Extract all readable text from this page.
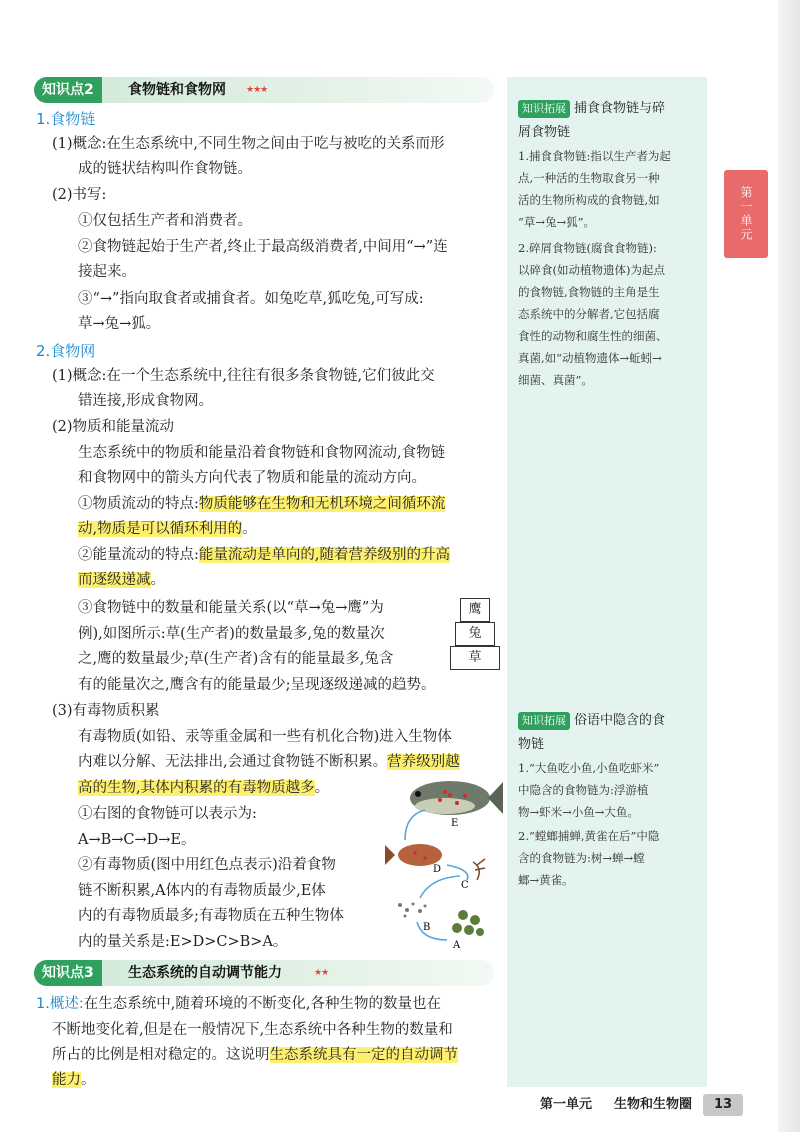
第一单元
知识点2	食物链和食物网 ★★★
1.食物链
(1)概念:在生态系统中,不同生物之间由于吃与被吃的关系而形
成的链状结构叫作食物链。
(2)书写:
①仅包括生产者和消费者。
②食物链起始于生产者,终止于最高级消费者,中间用“→”连
接起来。
③“→”指向取食者或捕食者。如兔吃草,狐吃兔,可写成:
草→兔→狐。
2.食物网
(1)概念:在一个生态系统中,往往有很多条食物链,它们彼此交
错连接,形成食物网。
(2)物质和能量流动
生态系统中的物质和能量沿着食物链和食物网流动,食物链
和食物网中的箭头方向代表了物质和能量的流动方向。
①物质流动的特点:物质能够在生物和无机环境之间循环流
动,物质是可以循环利用的。
②能量流动的特点:能量流动是单向的,随着营养级别的升高
而逐级递减。
③食物链中的数量和能量关系(以“草→兔→鹰”为
例),如图所示:草(生产者)的数量最多,兔的数量次
之,鹰的数量最少;草(生产者)含有的能量最多,兔含
有的能量次之,鹰含有的能量最少;呈现逐级递减的趋势。
鹰
兔
草
(3)有毒物质积累
有毒物质(如铅、汞等重金属和一些有机化合物)进入生物体
内难以分解、无法排出,会通过食物链不断积累。营养级别越
高的生物,其体内积累的有毒物质越多。
①右图的食物链可以表示为:
A→B→C→D→E。
②有毒物质(图中用红色点表示)沿着食物
链不断积累,A体内的有毒物质最少,E体
内的有毒物质最多;有毒物质在五种生物体
内的量关系是:E>D>C>B>A。
E
D
C
B
A
知识点3	生态系统的自动调节能力	★★
1.概述:在生态系统中,随着环境的不断变化,各种生物的数量也在
不断地变化着,但是在一般情况下,生态系统中各种生物的数量和
所占的比例是相对稳定的。这说明生态系统具有一定的自动调节
能力。
知识拓展 捕食食物链与碎
屑食物链
1.捕食食物链:指以生产者为起
点,一种活的生物取食另一种
活的生物所构成的食物链,如
“草→兔→狐”。
2.碎屑食物链(腐食食物链):
以碎食(如动植物遗体)为起点
的食物链,食物链的主角是生
态系统中的分解者,它包括腐
食性的动物和腐生性的细菌、
真菌,如“动植物遗体→蚯蚓→
细菌、真菌”。
知识拓展 俗语中隐含的食
物链
1.“大鱼吃小鱼,小鱼吃虾米”
中隐含的食物链为:浮游植
物→虾米→小鱼→大鱼。
2.“螳螂捕蝉,黄雀在后”中隐
含的食物链为:树→蝉→螳
螂→黄雀。
第一单元 生物和生物圈	13
